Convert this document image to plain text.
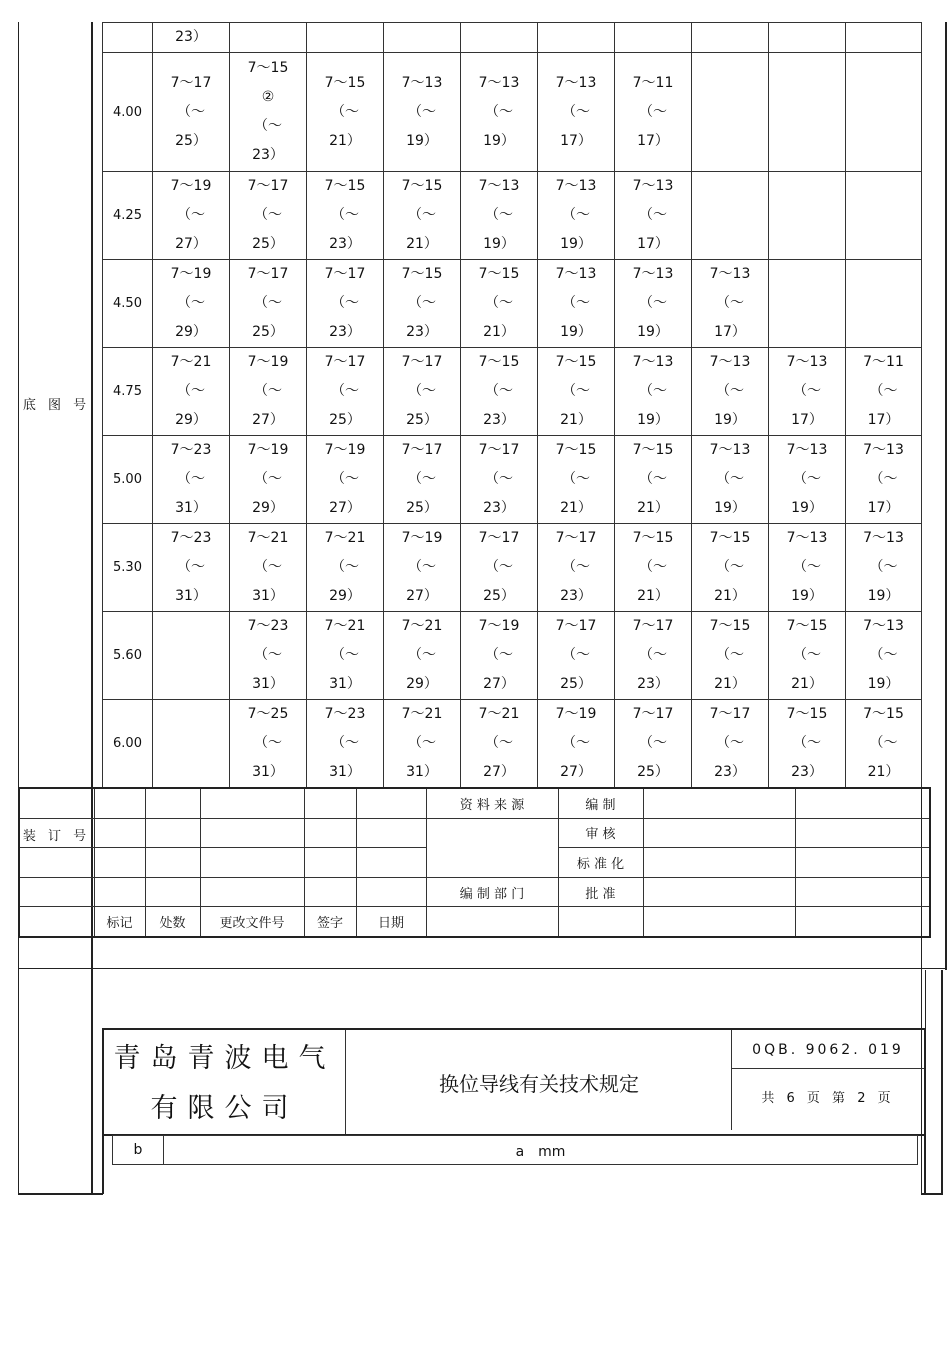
底 图 号
装 订 号
	23）									
4.00	7～17
（～
25）	7～15
②
（～
23）	7～15
（～
21）	7～13
（～
19）	7～13
（～
19）	7～13
（～
17）	7～11
（～
17）			
4.25	7～19
（～
27）	7～17
（～
25）	7～15
（～
23）	7～15
（～
21）	7～13
（～
19）	7～13
（～
19）	7～13
（～
17）			
4.50	7～19
（～
29）	7～17
（～
25）	7～17
（～
23）	7～15
（～
23）	7～15
（～
21）	7～13
（～
19）	7～13
（～
19）	7～13
（～
17）		
4.75	7～21
（～
29）	7～19
（～
27）	7～17
（～
25）	7～17
（～
25）	7～15
（～
23）	7～15
（～
21）	7～13
（～
19）	7～13
（～
19）	7～13
（～
17）	7～11
（～
17）
5.00	7～23
（～
31）	7～19
（～
29）	7～19
（～
27）	7～17
（～
25）	7～17
（～
23）	7～15
（～
21）	7～15
（～
21）	7～13
（～
19）	7～13
（～
19）	7～13
（～
17）
5.30	7～23
（～
31）	7～21
（～
31）	7～21
（～
29）	7～19
（～
27）	7～17
（～
25）	7～17
（～
23）	7～15
（～
21）	7～15
（～
21）	7～13
（～
19）	7～13
（～
19）
5.60		7～23
（～
31）	7～21
（～
31）	7～21
（～
29）	7～19
（～
27）	7～17
（～
25）	7～17
（～
23）	7～15
（～
21）	7～15
（～
21）	7～13
（～
19）
6.00		7～25
（～
31）	7～23
（～
31）	7～21
（～
31）	7～21
（～
27）	7～19
（～
27）	7～17
（～
25）	7～17
（～
23）	7～15
（～
23）	7～15
（～
21）
						资 料 来 源	编 制		
							审 核		
							标 准 化		
						编 制 部 门	批 准		
	标记	处数	更改文件号	签字	日期				
青岛青波电气
有限公司
换位导线有关技术规定
0QB. 9062. 019
共 6 页 第 2 页
b	a　mm
